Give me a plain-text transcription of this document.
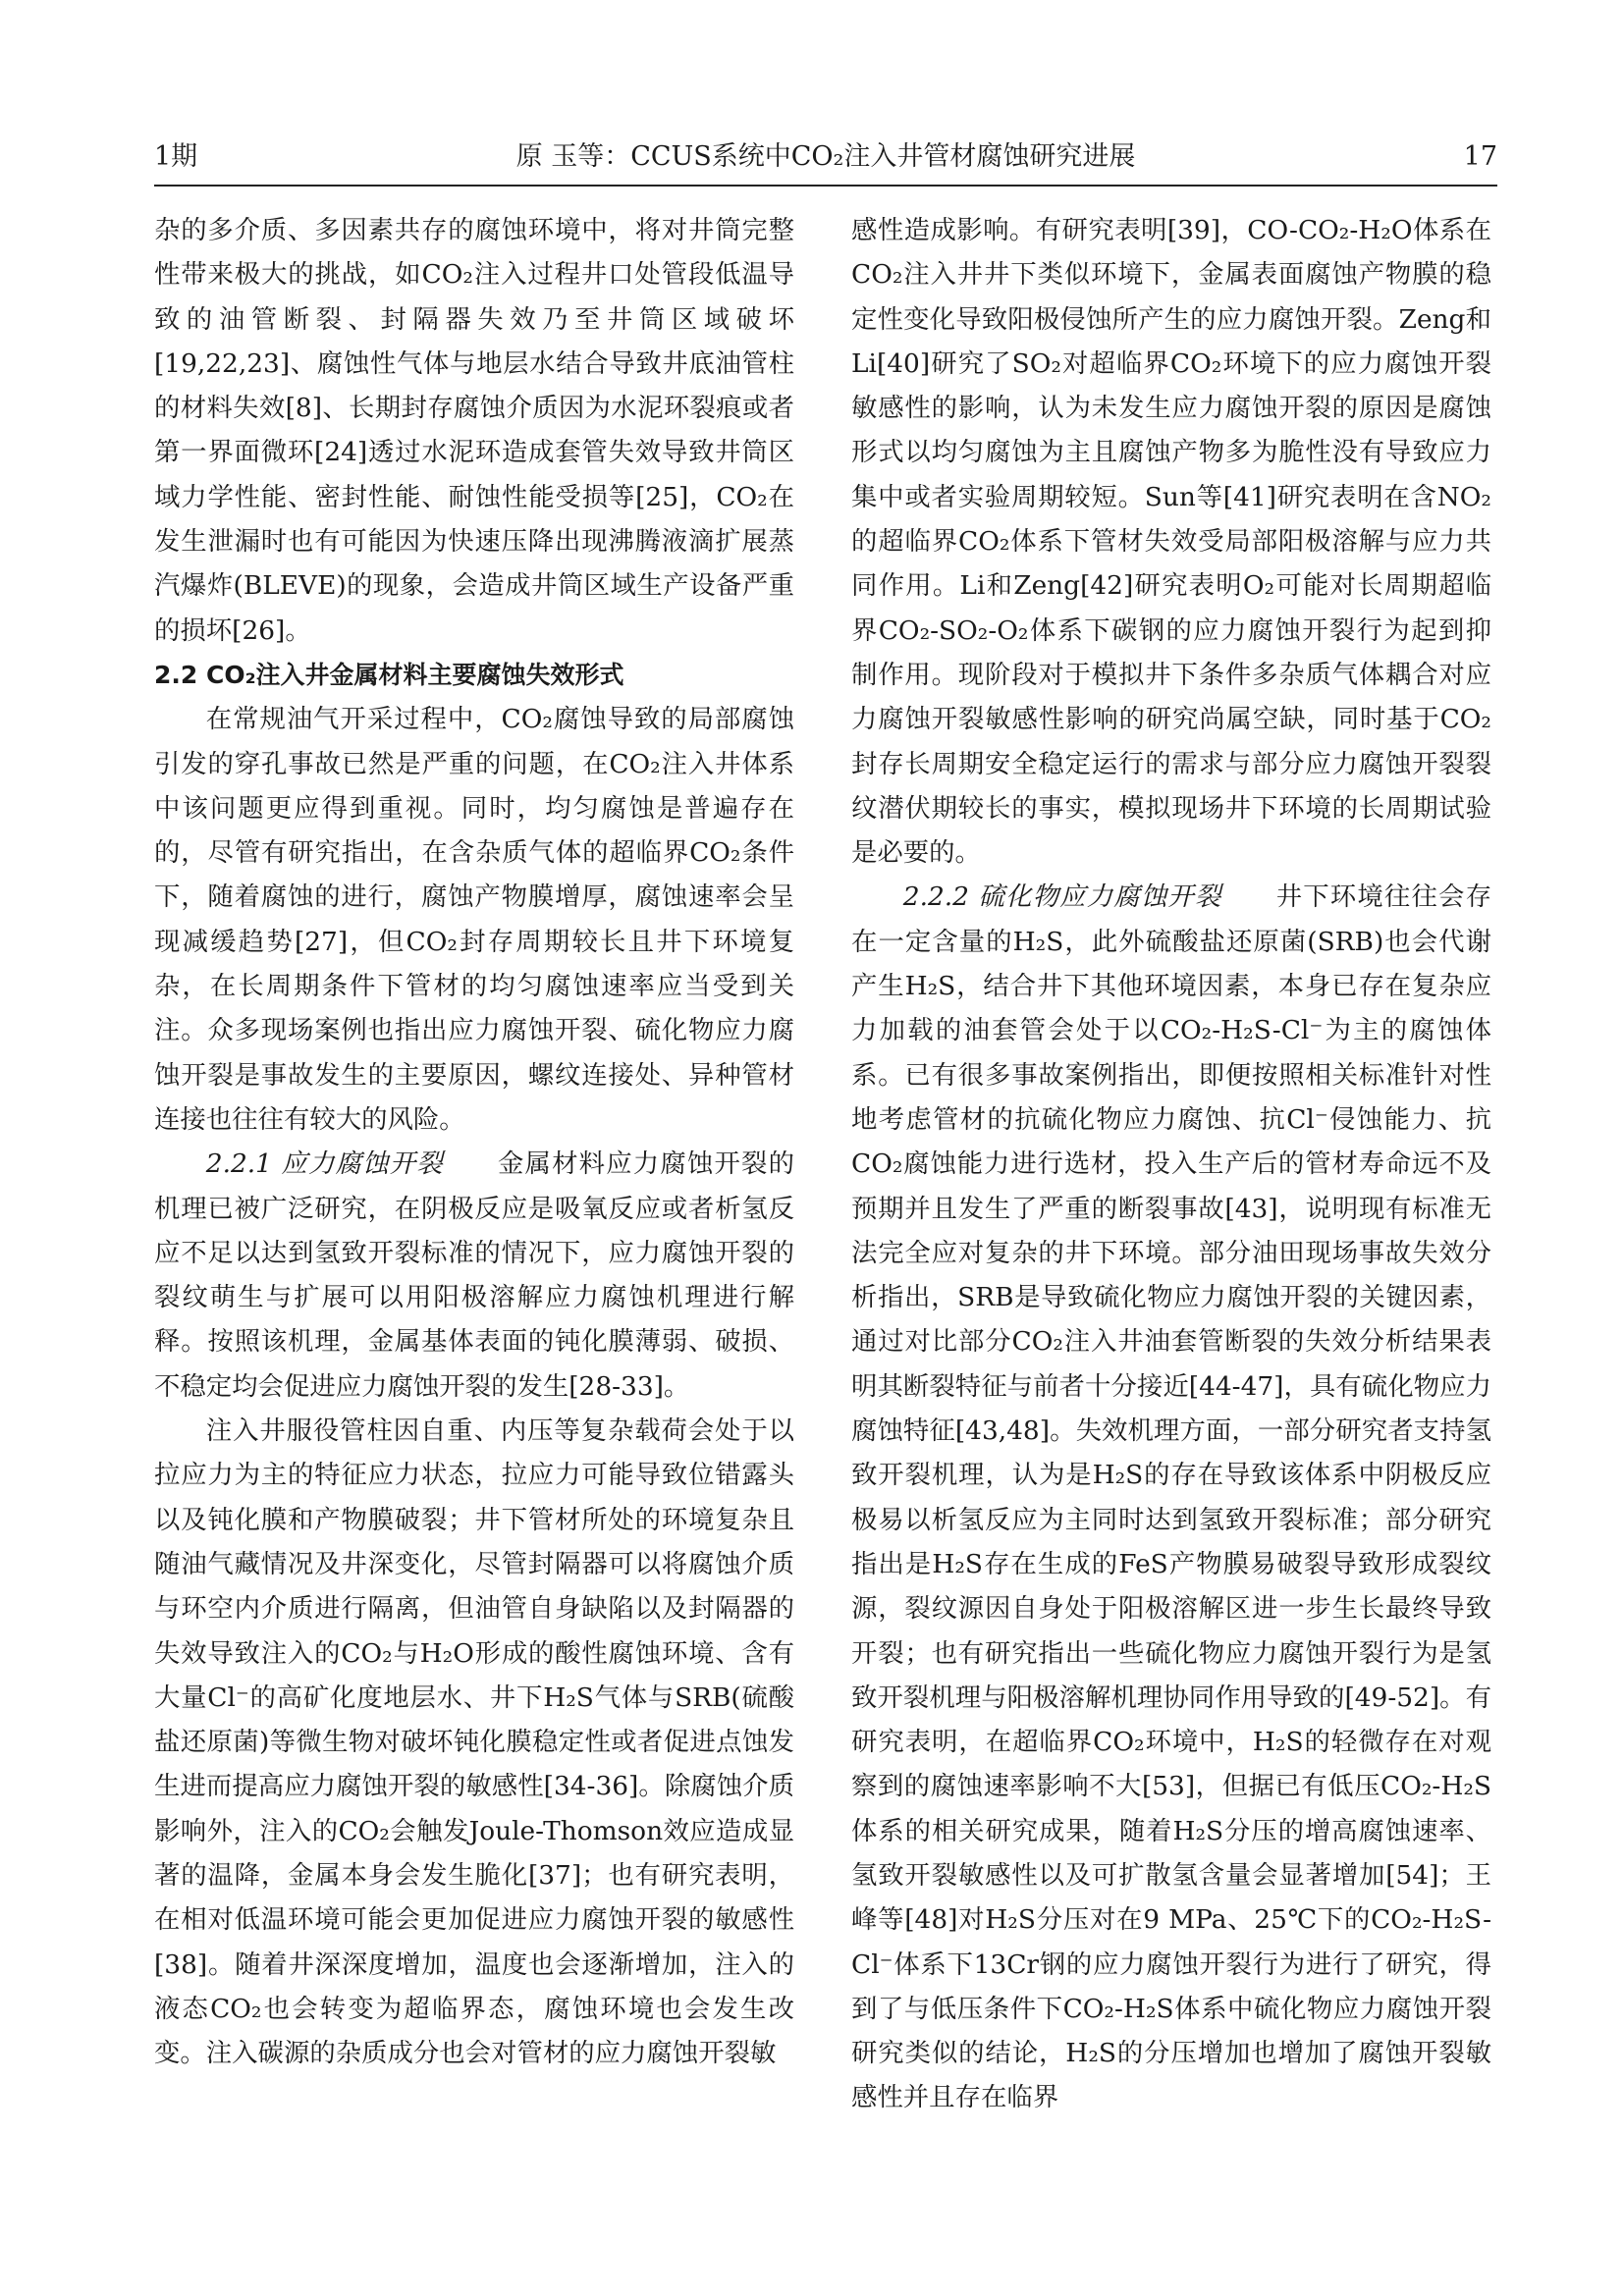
1期	原 玉等：CCUS系统中CO₂注入井管材腐蚀研究进展	17

杂的多介质、多因素共存的腐蚀环境中，将对井筒完整性带来极大的挑战，如CO₂注入过程井口处管段低温导致的油管断裂、封隔器失效乃至井筒区域破坏[19,22,23]、腐蚀性气体与地层水结合导致井底油管柱的材料失效[8]、长期封存腐蚀介质因为水泥环裂痕或者第一界面微环[24]透过水泥环造成套管失效导致井筒区域力学性能、密封性能、耐蚀性能受损等[25]，CO₂在发生泄漏时也有可能因为快速压降出现沸腾液滴扩展蒸汽爆炸(BLEVE)的现象，会造成井筒区域生产设备严重的损坏[26]。

2.2 CO₂注入井金属材料主要腐蚀失效形式

在常规油气开采过程中，CO₂腐蚀导致的局部腐蚀引发的穿孔事故已然是严重的问题，在CO₂注入井体系中该问题更应得到重视。同时，均匀腐蚀是普遍存在的，尽管有研究指出，在含杂质气体的超临界CO₂条件下，随着腐蚀的进行，腐蚀产物膜增厚，腐蚀速率会呈现减缓趋势[27]，但CO₂封存周期较长且井下环境复杂，在长周期条件下管材的均匀腐蚀速率应当受到关注。众多现场案例也指出应力腐蚀开裂、硫化物应力腐蚀开裂是事故发生的主要原因，螺纹连接处、异种管材连接也往往有较大的风险。

2.2.1 应力腐蚀开裂　　 金属材料应力腐蚀开裂的机理已被广泛研究，在阴极反应是吸氧反应或者析氢反应不足以达到氢致开裂标准的情况下，应力腐蚀开裂的裂纹萌生与扩展可以用阳极溶解应力腐蚀机理进行解释。按照该机理，金属基体表面的钝化膜薄弱、破损、不稳定均会促进应力腐蚀开裂的发生[28-33]。

注入井服役管柱因自重、内压等复杂载荷会处于以拉应力为主的特征应力状态，拉应力可能导致位错露头以及钝化膜和产物膜破裂；井下管材所处的环境复杂且随油气藏情况及井深变化，尽管封隔器可以将腐蚀介质与环空内介质进行隔离，但油管自身缺陷以及封隔器的失效导致注入的CO₂与H₂O形成的酸性腐蚀环境、含有大量Cl⁻的高矿化度地层水、井下H₂S气体与SRB(硫酸盐还原菌)等微生物对破坏钝化膜稳定性或者促进点蚀发生进而提高应力腐蚀开裂的敏感性[34-36]。除腐蚀介质影响外，注入的CO₂会触发Joule-Thomson效应造成显著的温降，金属本身会发生脆化[37]；也有研究表明，在相对低温环境可能会更加促进应力腐蚀开裂的敏感性[38]。随着井深深度增加，温度也会逐渐增加，注入的液态CO₂也会转变为超临界态，腐蚀环境也会发生改变。注入碳源的杂质成分也会对管材的应力腐蚀开裂敏

感性造成影响。有研究表明[39]，CO-CO₂-H₂O体系在CO₂注入井井下类似环境下，金属表面腐蚀产物膜的稳定性变化导致阳极侵蚀所产生的应力腐蚀开裂。Zeng和Li[40]研究了SO₂对超临界CO₂环境下的应力腐蚀开裂敏感性的影响，认为未发生应力腐蚀开裂的原因是腐蚀形式以均匀腐蚀为主且腐蚀产物多为脆性没有导致应力集中或者实验周期较短。Sun等[41]研究表明在含NO₂的超临界CO₂体系下管材失效受局部阳极溶解与应力共同作用。Li和Zeng[42]研究表明O₂可能对长周期超临界CO₂-SO₂-O₂体系下碳钢的应力腐蚀开裂行为起到抑制作用。现阶段对于模拟井下条件多杂质气体耦合对应力腐蚀开裂敏感性影响的研究尚属空缺，同时基于CO₂封存长周期安全稳定运行的需求与部分应力腐蚀开裂裂纹潜伏期较长的事实，模拟现场井下环境的长周期试验是必要的。

2.2.2 硫化物应力腐蚀开裂　　 井下环境往往会存在一定含量的H₂S，此外硫酸盐还原菌(SRB)也会代谢产生H₂S，结合井下其他环境因素，本身已存在复杂应力加载的油套管会处于以CO₂-H₂S-Cl⁻为主的腐蚀体系。已有很多事故案例指出，即便按照相关标准针对性地考虑管材的抗硫化物应力腐蚀、抗Cl⁻侵蚀能力、抗CO₂腐蚀能力进行选材，投入生产后的管材寿命远不及预期并且发生了严重的断裂事故[43]，说明现有标准无法完全应对复杂的井下环境。部分油田现场事故失效分析指出，SRB是导致硫化物应力腐蚀开裂的关键因素，通过对比部分CO₂注入井油套管断裂的失效分析结果表明其断裂特征与前者十分接近[44-47]，具有硫化物应力腐蚀特征[43,48]。失效机理方面，一部分研究者支持氢致开裂机理，认为是H₂S的存在导致该体系中阴极反应极易以析氢反应为主同时达到氢致开裂标准；部分研究指出是H₂S存在生成的FeS产物膜易破裂导致形成裂纹源，裂纹源因自身处于阳极溶解区进一步生长最终导致开裂；也有研究指出一些硫化物应力腐蚀开裂行为是氢致开裂机理与阳极溶解机理协同作用导致的[49-52]。有研究表明，在超临界CO₂环境中，H₂S的轻微存在对观察到的腐蚀速率影响不大[53]，但据已有低压CO₂-H₂S体系的相关研究成果，随着H₂S分压的增高腐蚀速率、氢致开裂敏感性以及可扩散氢含量会显著增加[54]；王峰等[48]对H₂S分压对在9 MPa、25℃下的CO₂-H₂S-Cl⁻体系下13Cr钢的应力腐蚀开裂行为进行了研究，得到了与低压条件下CO₂-H₂S体系中硫化物应力腐蚀开裂研究类似的结论，H₂S的分压增加也增加了腐蚀开裂敏感性并且存在临界
